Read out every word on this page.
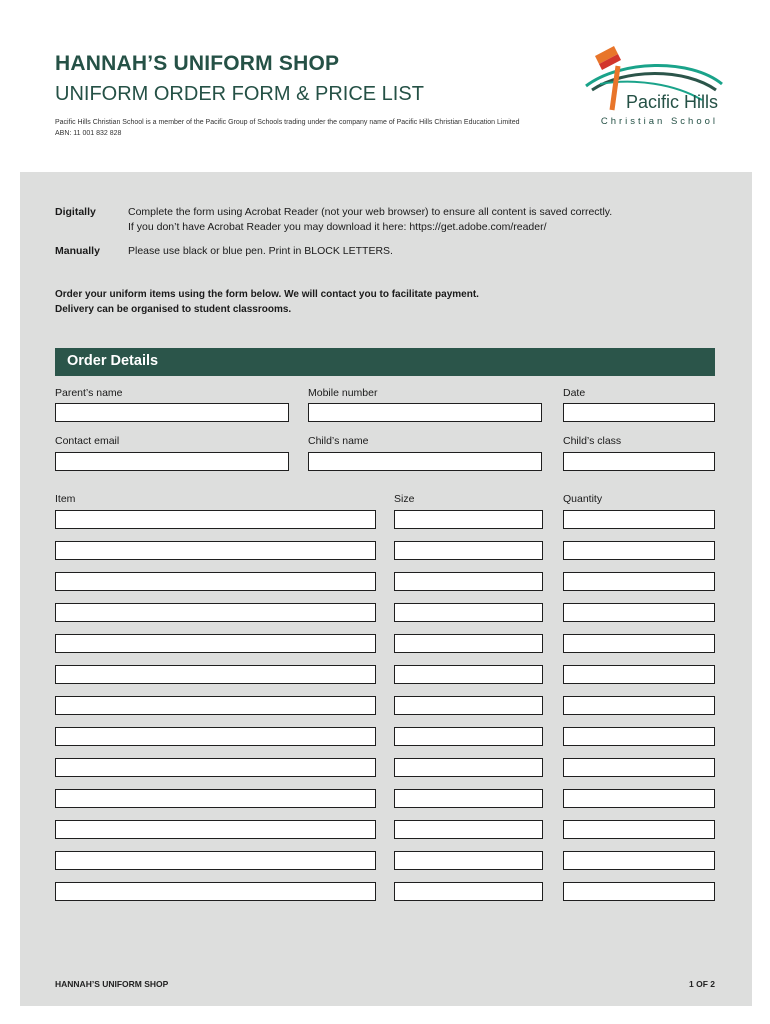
HANNAH’S UNIFORM SHOP
UNIFORM ORDER FORM & PRICE LIST
Pacific Hills Christian School is a member of the Pacific Group of Schools trading under the company name of Pacific Hills Christian Education Limited
ABN: 11 001 832 828
Pacific Hills
Christian School
Digitally	Complete the form using Acrobat Reader (not your web browser) to ensure all content is saved correctly.
If you don’t have Acrobat Reader you may download it here: https://get.adobe.com/reader/
Manually	Please use black or blue pen. Print in BLOCK LETTERS.
Order your uniform items using the form below. We will contact you to facilitate payment.
Delivery can be organised to student classrooms.
Order Details
Parent’s name	Mobile number	Date
Contact email	Child’s name	Child’s class
Item	Size	Quantity
HANNAH’S UNIFORM SHOP	1 OF 2
